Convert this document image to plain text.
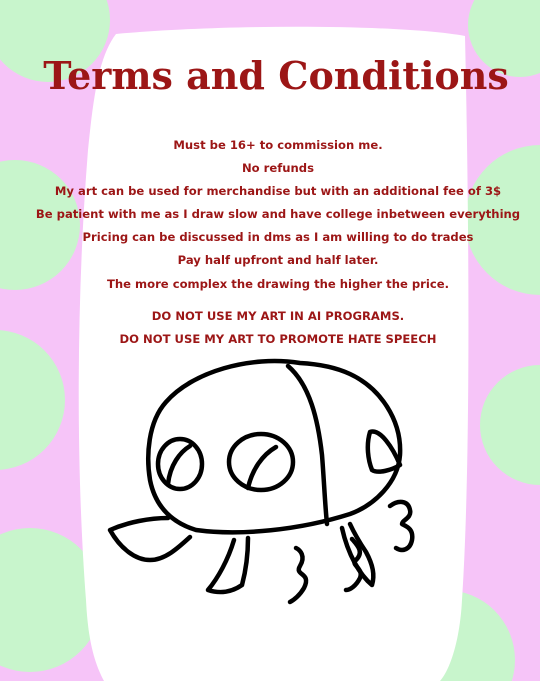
Terms and Conditions
Must be 16+ to commission me.
No refunds
My art can be used for merchandise but with an additional fee of 3$
Be patient with me as I draw slow and have college inbetween everything
Pricing can be discussed in dms as I am willing to do trades
Pay half upfront and half later.
The more complex the drawing the higher the price.
DO NOT USE MY ART IN AI PROGRAMS.
DO NOT USE MY ART TO PROMOTE HATE SPEECH
